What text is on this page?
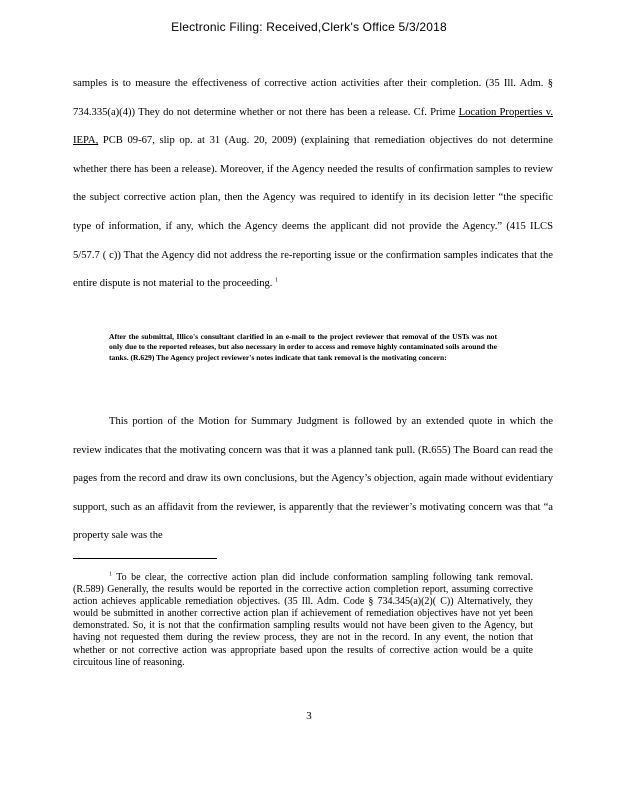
Electronic Filing: Received,Clerk's Office 5/3/2018

samples is to measure the effectiveness of corrective action activities after their completion. (35 Ill. Adm. § 734.335(a)(4)) They do not determine whether or not there has been a release. Cf. Prime Location Properties v. IEPA, PCB 09-67, slip op. at 31 (Aug. 20, 2009) (explaining that remediation objectives do not determine whether there has been a release). Moreover, if the Agency needed the results of confirmation samples to review the subject corrective action plan, then the Agency was required to identify in its decision letter “the specific type of information, if any, which the Agency deems the applicant did not provide the Agency.” (415 ILCS 5/57.7 ( c)) That the Agency did not address the re-reporting issue or the confirmation samples indicates that the entire dispute is not material to the proceeding. $^1$

After the submittal, Illico's consultant clarified in an e-mail to the project reviewer that removal of the USTs was not only due to the reported releases, but also necessary in order to access and remove highly contaminated soils around the tanks. (R.629) The Agency project reviewer's notes indicate that tank removal is the motivating concern:

This portion of the Motion for Summary Judgment is followed by an extended quote in which the review indicates that the motivating concern was that it was a planned tank pull. (R.655) The Board can read the pages from the record and draw its own conclusions, but the Agency’s objection, again made without evidentiary support, such as an affidavit from the reviewer, is apparently that the reviewer’s motivating concern was that “a property sale was the

$^1$ To be clear, the corrective action plan did include conformation sampling following tank removal. (R.589) Generally, the results would be reported in the corrective action completion report, assuming corrective action achieves applicable remediation objectives. (35 Ill. Adm. Code § 734.345(a)(2)( C)) Alternatively, they would be submitted in another corrective action plan if achievement of remediation objectives have not yet been demonstrated. So, it is not that the confirmation sampling results would not have been given to the Agency, but having not requested them during the review process, they are not in the record. In any event, the notion that whether or not corrective action was appropriate based upon the results of corrective action would be a quite circuitous line of reasoning.

3
